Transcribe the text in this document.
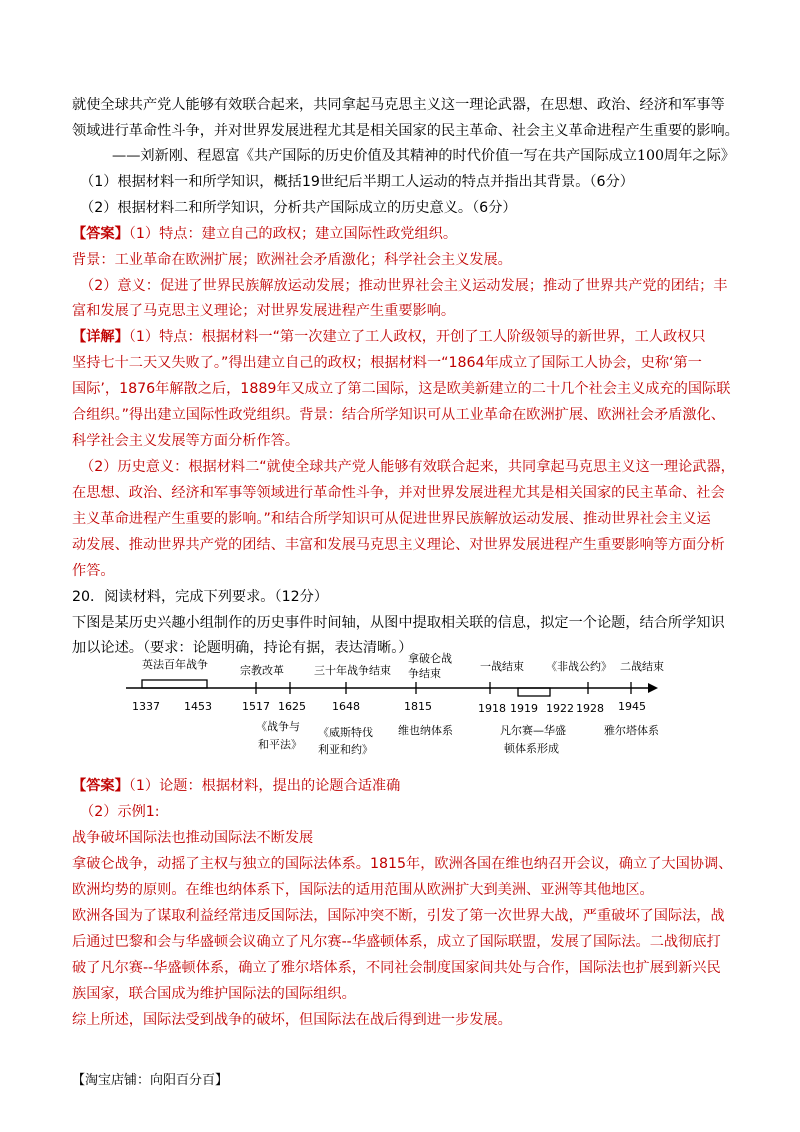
就使全球共产党人能够有效联合起来，共同拿起马克思主义这一理论武器，在思想、政治、经济和军事等
领域进行革命性斗争，并对世界发展进程尤其是相关国家的民主革命、社会主义革命进程产生重要的影响。
——刘新刚、程恩富《共产国际的历史价值及其精神的时代价值一写在共产国际成立100周年之际》
（1）根据材料一和所学知识，概括19世纪后半期工人运动的特点并指出其背景。（6分）
（2）根据材料二和所学知识，分析共产国际成立的历史意义。（6分）
【答案】（1）特点：建立自己的政权；建立国际性政党组织。
背景：工业革命在欧洲扩展；欧洲社会矛盾激化；科学社会主义发展。
（2）意义：促进了世界民族解放运动发展；推动世界社会主义运动发展；推动了世界共产党的团结；丰
富和发展了马克思主义理论；对世界发展进程产生重要影响。
【详解】（1）特点：根据材料一“第一次建立了工人政权，开创了工人阶级领导的新世界，工人政权只
坚持七十二天又失败了。”得出建立自己的政权；根据材料一“1864年成立了国际工人协会，史称‘第一
国际’，1876年解散之后，1889年又成立了第二国际，这是欧美新建立的二十几个社会主义成充的国际联
合组织。”得出建立国际性政党组织。背景：结合所学知识可从工业革命在欧洲扩展、欧洲社会矛盾激化、
科学社会主义发展等方面分析作答。
（2）历史意义：根据材料二“就使全球共产党人能够有效联合起来，共同拿起马克思主义这一理论武器，
在思想、政治、经济和军事等领域进行革命性斗争，并对世界发展进程尤其是相关国家的民主革命、社会
主义革命进程产生重要的影响。”和结合所学知识可从促进世界民族解放运动发展、推动世界社会主义运
动发展、推动世界共产党的团结、丰富和发展马克思主义理论、对世界发展进程产生重要影响等方面分析
作答。
20．阅读材料，完成下列要求。（12分）
下图是某历史兴趣小组制作的历史事件时间轴，从图中提取相关联的信息，拟定一个论题，结合所学知识
加以论述。（要求：论题明确，持论有据，表达清晰。）
英法百年战争	宗教改革	三十年战争结束
拿破仑战
争结束
一战结束 《非战公约》 二战结束
1337 1453	1517 1625 1648	1815	1918 1919 1922 1928 1945
《战争与
和平法》
《威斯特伐
利亚和约》
维也纳体系	凡尔赛—华盛
顿体系形成
雅尔塔体系
【答案】（1）论题：根据材料，提出的论题合适准确
（2）示例1:
战争破坏国际法也推动国际法不断发展
拿破仑战争，动摇了主权与独立的国际法体系。1815年，欧洲各国在维也纳召开会议，确立了大国协调、
欧洲均势的原则。在维也纳体系下，国际法的适用范围从欧洲扩大到美洲、亚洲等其他地区。
欧洲各国为了谋取利益经常违反国际法，国际冲突不断，引发了第一次世界大战，严重破坏了国际法，战
后通过巴黎和会与华盛顿会议确立了凡尔赛--华盛顿体系，成立了国际联盟，发展了国际法。二战彻底打
破了凡尔赛--华盛顿体系，确立了雅尔塔体系，不同社会制度国家间共处与合作，国际法也扩展到新兴民
族国家，联合国成为维护国际法的国际组织。
综上所述，国际法受到战争的破坏，但国际法在战后得到进一步发展。
【淘宝店铺：向阳百分百】
